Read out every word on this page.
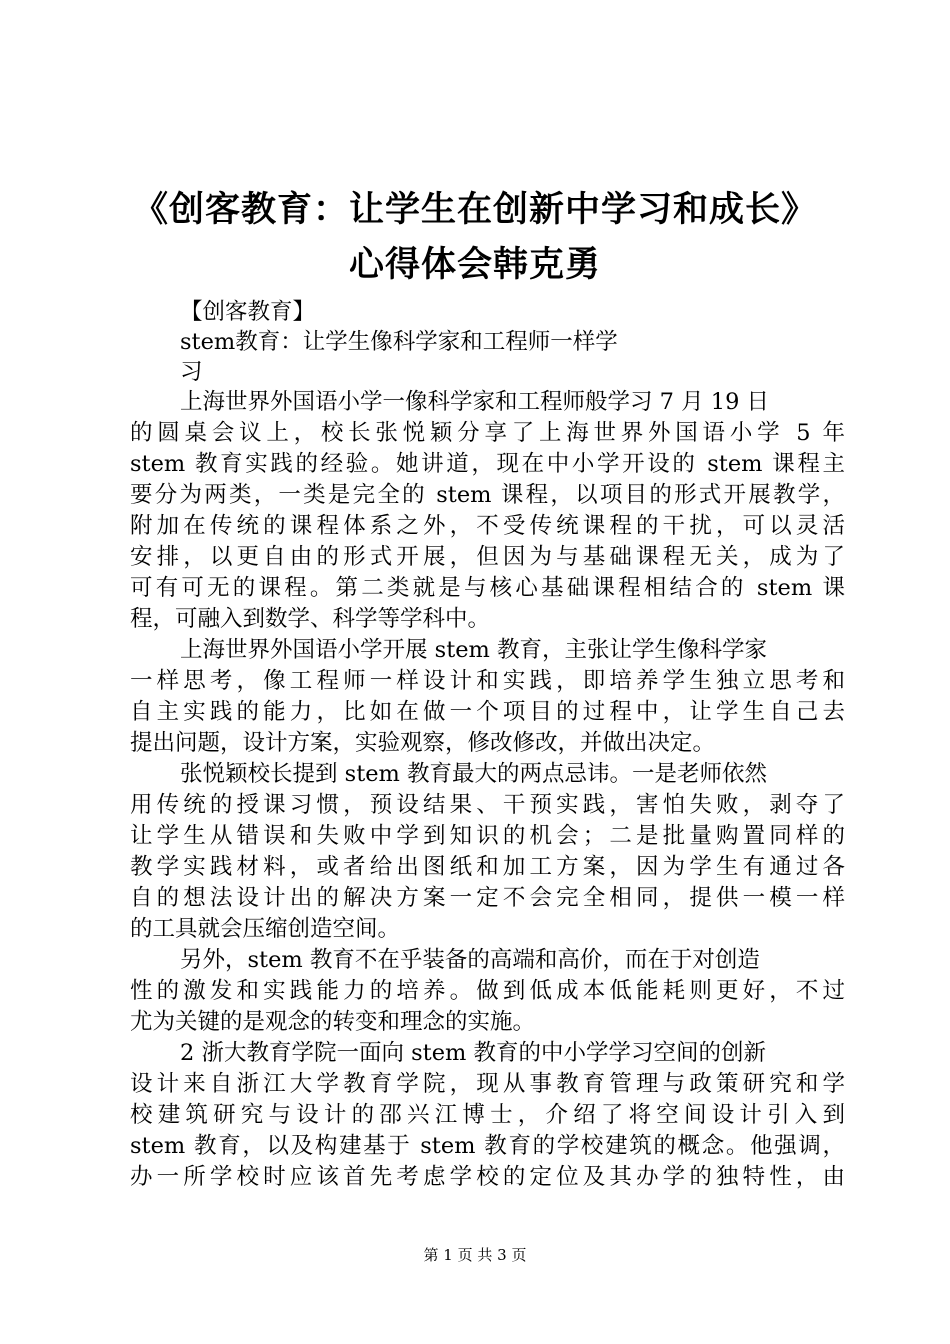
《创客教育：让学生在创新中学习和成长》心得体会韩克勇

【创客教育】

stem教育：让学生像科学家和工程师一样学

习

上海世界外国语小学一像科学家和工程师般学习 7 月 19 日

的圆桌会议上，校长张悦颖分享了上海世界外国语小学 5 年

stem 教育实践的经验。她讲道，现在中小学开设的 stem 课程主

要分为两类，一类是完全的 stem 课程，以项目的形式开展教学，

附加在传统的课程体系之外，不受传统课程的干扰，可以灵活

安排，以更自由的形式开展，但因为与基础课程无关，成为了

可有可无的课程。第二类就是与核心基础课程相结合的 stem 课

程，可融入到数学、科学等学科中。

上海世界外国语小学开展 stem 教育，主张让学生像科学家

一样思考，像工程师一样设计和实践，即培养学生独立思考和

自主实践的能力，比如在做一个项目的过程中，让学生自己去

提出问题，设计方案，实验观察，修改修改，并做出决定。

张悦颖校长提到 stem 教育最大的两点忌讳。一是老师依然

用传统的授课习惯，预设结果、干预实践，害怕失败，剥夺了

让学生从错误和失败中学到知识的机会；二是批量购置同样的

教学实践材料，或者给出图纸和加工方案，因为学生有通过各

自的想法设计出的解决方案一定不会完全相同，提供一模一样

的工具就会压缩创造空间。

另外，stem 教育不在乎装备的高端和高价，而在于对创造

性的激发和实践能力的培养。做到低成本低能耗则更好，不过

尤为关键的是观念的转变和理念的实施。

2 浙大教育学院一面向 stem 教育的中小学学习空间的创新

设计来自浙江大学教育学院，现从事教育管理与政策研究和学

校建筑研究与设计的邵兴江博士，介绍了将空间设计引入到

stem 教育，以及构建基于 stem 教育的学校建筑的概念。他强调，

办一所学校时应该首先考虑学校的定位及其办学的独特性，由

第 1 页 共 3 页
